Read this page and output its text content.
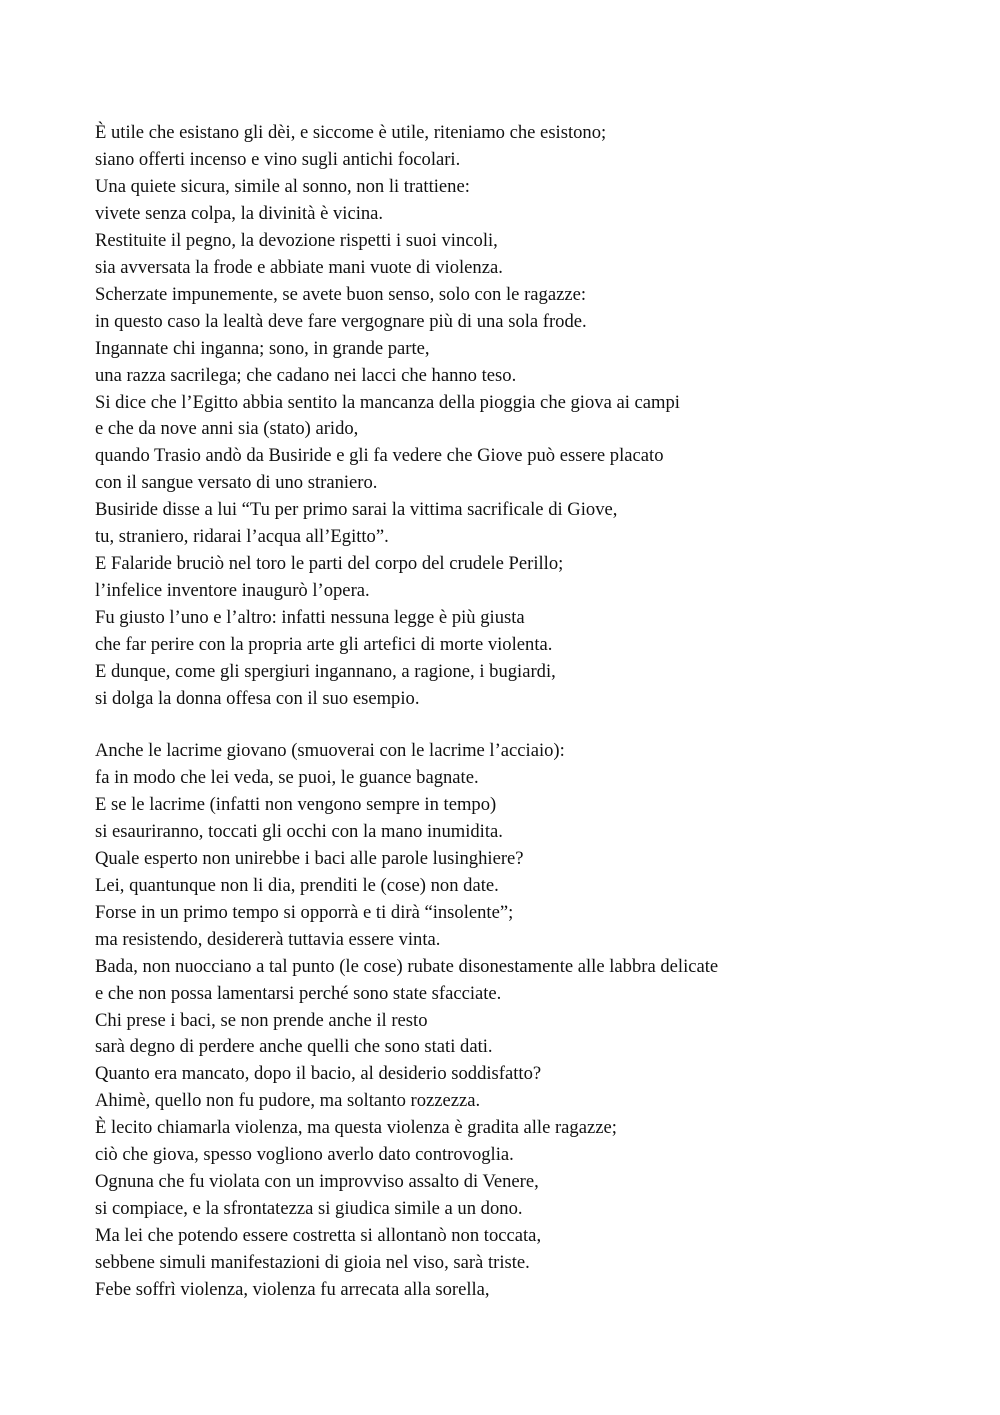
È utile che esistano gli dèi, e siccome è utile, riteniamo che esistono;
siano offerti incenso e vino sugli antichi focolari.
Una quiete sicura, simile al sonno, non li trattiene:
vivete senza colpa, la divinità è vicina.
Restituite il pegno, la devozione rispetti i suoi vincoli,
sia avversata la frode e abbiate mani vuote di violenza.
Scherzate impunemente, se avete buon senso, solo con le ragazze:
in questo caso la lealtà deve fare vergognare più di una sola frode.
Ingannate chi inganna; sono, in grande parte,
una razza sacrilega; che cadano nei lacci che hanno teso.
Si dice che l’Egitto abbia sentito la mancanza della pioggia che giova ai campi
e che da nove anni sia (stato) arido,
quando Trasio andò da Busiride e gli fa vedere che Giove può essere placato
con il sangue versato di uno straniero.
Busiride disse a lui “Tu per primo sarai la vittima sacrificale di Giove,
tu, straniero, ridarai l’acqua all’Egitto”.
E Falaride bruciò nel toro le parti del corpo del crudele Perillo;
l’infelice inventore inaugurò l’opera.
Fu giusto l’uno e l’altro: infatti nessuna legge è più giusta
che far perire con la propria arte gli artefici di morte violenta.
E dunque, come gli spergiuri ingannano, a ragione, i bugiardi,
si dolga la donna offesa con il suo esempio.
Anche le lacrime giovano (smuoverai con le lacrime l’acciaio):
fa in modo che lei veda, se puoi, le guance bagnate.
E se le lacrime (infatti non vengono sempre in tempo)
si esauriranno, toccati gli occhi con la mano inumidita.
Quale esperto non unirebbe i baci alle parole lusinghiere?
Lei, quantunque non li dia, prenditi le (cose) non date.
Forse in un primo tempo si opporrà e ti dirà “insolente”;
ma resistendo, desidererà tuttavia essere vinta.
Bada, non nuocciano a tal punto (le cose) rubate disonestamente alle labbra delicate
e che non possa lamentarsi perché sono state sfacciate.
Chi prese i baci, se non prende anche il resto
sarà degno di perdere anche quelli che sono stati dati.
Quanto era mancato, dopo il bacio, al desiderio soddisfatto?
Ahimè, quello non fu pudore, ma soltanto rozzezza.
È lecito chiamarla violenza, ma questa violenza è gradita alle ragazze;
ciò che giova, spesso vogliono averlo dato controvoglia.
Ognuna che fu violata con un improvviso assalto di Venere,
si compiace, e la sfrontatezza si giudica simile a un dono.
Ma lei che potendo essere costretta si allontanò non toccata,
sebbene simuli manifestazioni di gioia nel viso, sarà triste.
Febe soffrì violenza, violenza fu arrecata alla sorella,
